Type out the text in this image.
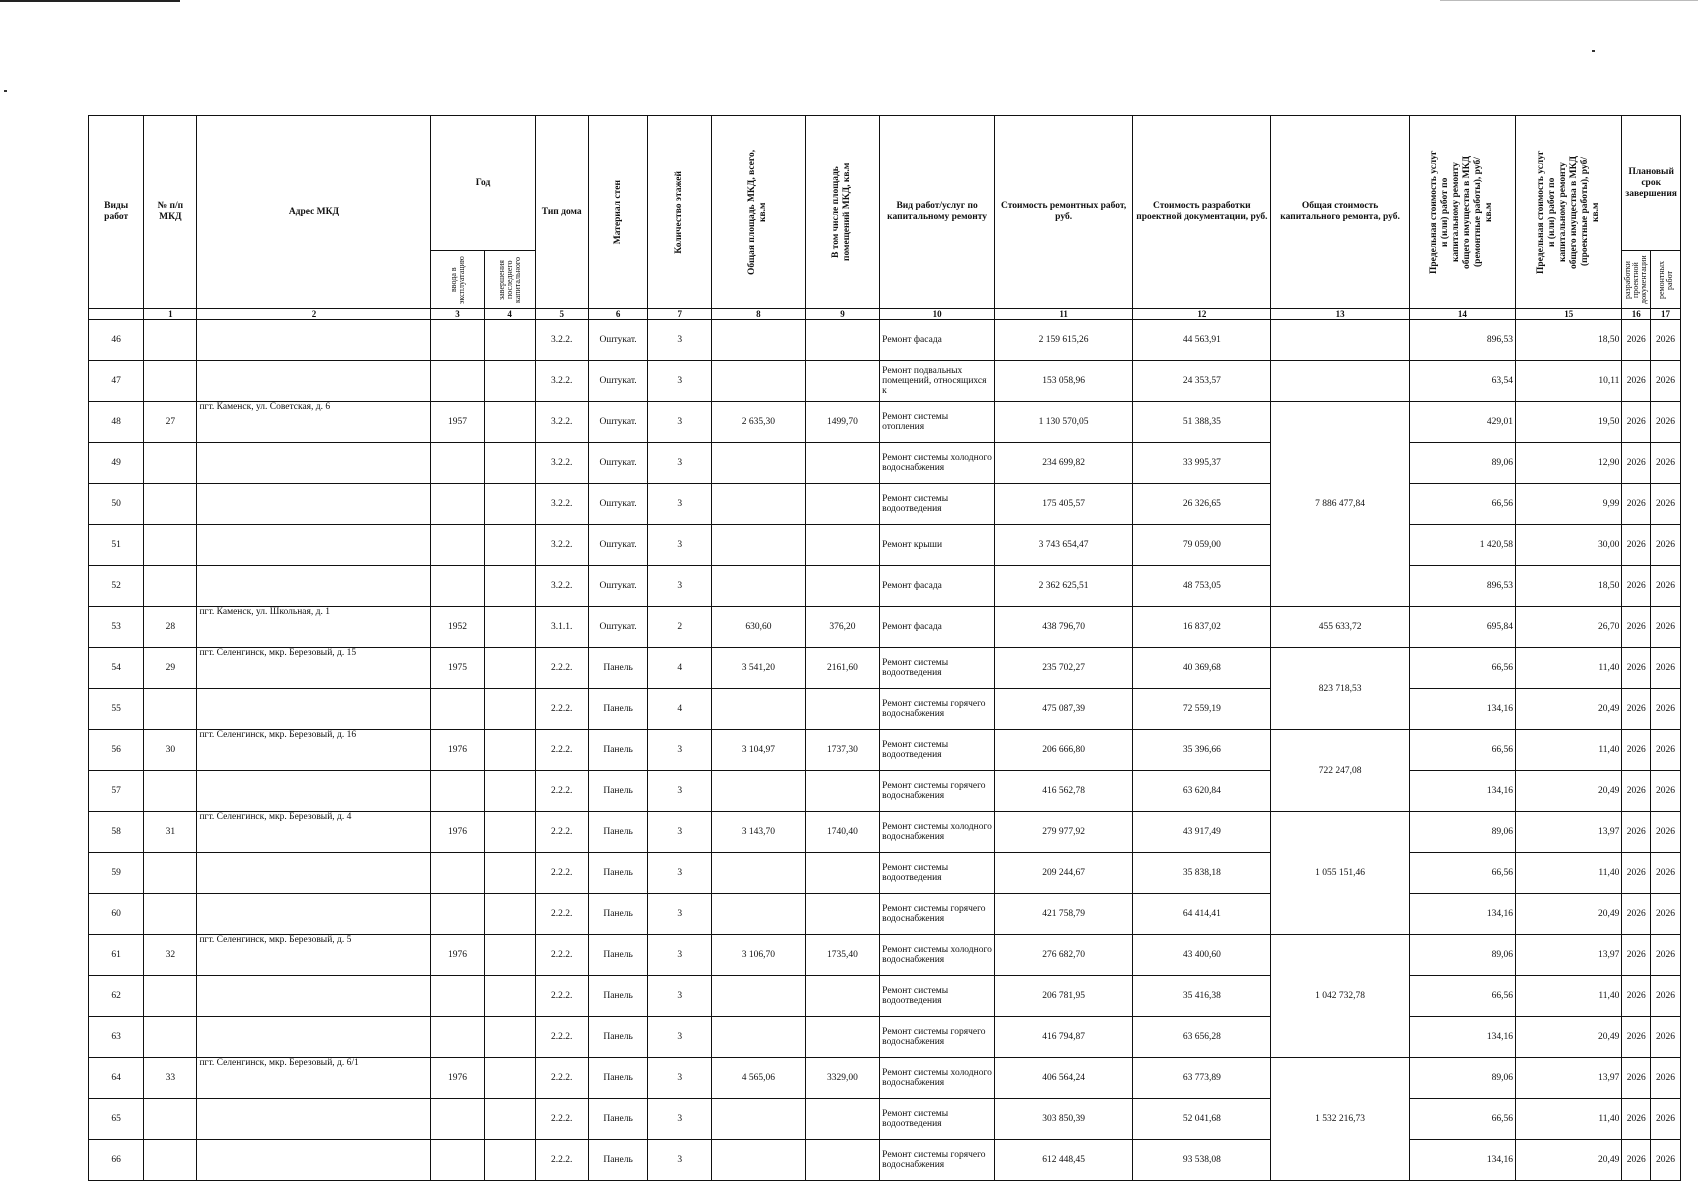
Виды работ	№ п/п МКД	Адрес МКД	Год		Тип дома	Материал стен	Количество этажей	Общая площадь МКД, всего, кв.м	В том числе площадь помещений МКД, кв.м	Вид работ/услуг по капитальному ремонту	Стоимость ремонтных работ, руб.	Стоимость разработки проектной документации, руб.	Общая стоимость капитального ремонта, руб.	Предельная стоимость услуг и (или) работ по капитальному ремонту общего имущества в МКД (ремонтные работы), руб/кв.м	Предельная стоимость услуг и (или) работ по капитальному ремонту общего имущества в МКД (проектные работы), руб/кв.м	Плановый срок завершения	

			ввода в эксплуатацию	завершения последнего капитального												разработки проектной документации	ремонтных работ

	1	2	3	4	5	6	7	8	9	10	11	12	13	14	15	16	17
46					3.2.2.	Оштукат.	3			Ремонт фасада	2 159 615,26	44 563,91		896,53	18,50	2026	2026
47					3.2.2.	Оштукат.	3			Ремонт подвальных помещений, относящихся к	153 058,96	24 353,57		63,54	10,11	2026	2026
48	27	пгт. Каменск, ул. Советская, д. 6	1957		3.2.2.	Оштукат.	3	2 635,30	1499,70	Ремонт системы отопления	1 130 570,05	51 388,35	7 886 477,84	429,01	19,50	2026	2026
49					3.2.2.	Оштукат.	3			Ремонт системы холодного водоснабжения	234 699,82	33 995,37		89,06	12,90	2026	2026
50					3.2.2.	Оштукат.	3			Ремонт системы водоотведения	175 405,57	26 326,65		66,56	9,99	2026	2026
51					3.2.2.	Оштукат.	3			Ремонт крыши	3 743 654,47	79 059,00		1 420,58	30,00	2026	2026
52					3.2.2.	Оштукат.	3			Ремонт фасада	2 362 625,51	48 753,05		896,53	18,50	2026	2026
53	28	пгт. Каменск, ул. Школьная, д. 1	1952		3.1.1.	Оштукат.	2	630,60	376,20	Ремонт фасада	438 796,70	16 837,02	455 633,72	695,84	26,70	2026	2026
54	29	пгт. Селенгинск, мкр. Березовый, д. 15	1975		2.2.2.	Панель	4	3 541,20	2161,60	Ремонт системы водоотведения	235 702,27	40 369,68	823 718,53	66,56	11,40	2026	2026
55					2.2.2.	Панель	4			Ремонт системы горячего водоснабжения	475 087,39	72 559,19		134,16	20,49	2026	2026
56	30	пгт. Селенгинск, мкр. Березовый, д. 16	1976		2.2.2.	Панель	3	3 104,97	1737,30	Ремонт системы водоотведения	206 666,80	35 396,66	722 247,08	66,56	11,40	2026	2026
57					2.2.2.	Панель	3			Ремонт системы горячего водоснабжения	416 562,78	63 620,84		134,16	20,49	2026	2026
58	31	пгт. Селенгинск, мкр. Березовый, д. 4	1976		2.2.2.	Панель	3	3 143,70	1740,40	Ремонт системы холодного водоснабжения	279 977,92	43 917,49	1 055 151,46	89,06	13,97	2026	2026
59					2.2.2.	Панель	3			Ремонт системы водоотведения	209 244,67	35 838,18		66,56	11,40	2026	2026
60					2.2.2.	Панель	3			Ремонт системы горячего водоснабжения	421 758,79	64 414,41		134,16	20,49	2026	2026
61	32	пгт. Селенгинск, мкр. Березовый, д. 5	1976		2.2.2.	Панель	3	3 106,70	1735,40	Ремонт системы холодного водоснабжения	276 682,70	43 400,60	1 042 732,78	89,06	13,97	2026	2026
62					2.2.2.	Панель	3			Ремонт системы водоотведения	206 781,95	35 416,38		66,56	11,40	2026	2026
63					2.2.2.	Панель	3			Ремонт системы горячего водоснабжения	416 794,87	63 656,28		134,16	20,49	2026	2026
64	33	пгт. Селенгинск, мкр. Березовый, д. 6/1	1976		2.2.2.	Панель	3	4 565,06	3329,00	Ремонт системы холодного водоснабжения	406 564,24	63 773,89	1 532 216,73	89,06	13,97	2026	2026
65					2.2.2.	Панель	3			Ремонт системы водоотведения	303 850,39	52 041,68		66,56	11,40	2026	2026
66					2.2.2.	Панель	3			Ремонт системы горячего водоснабжения	612 448,45	93 538,08		134,16	20,49	2026	2026
